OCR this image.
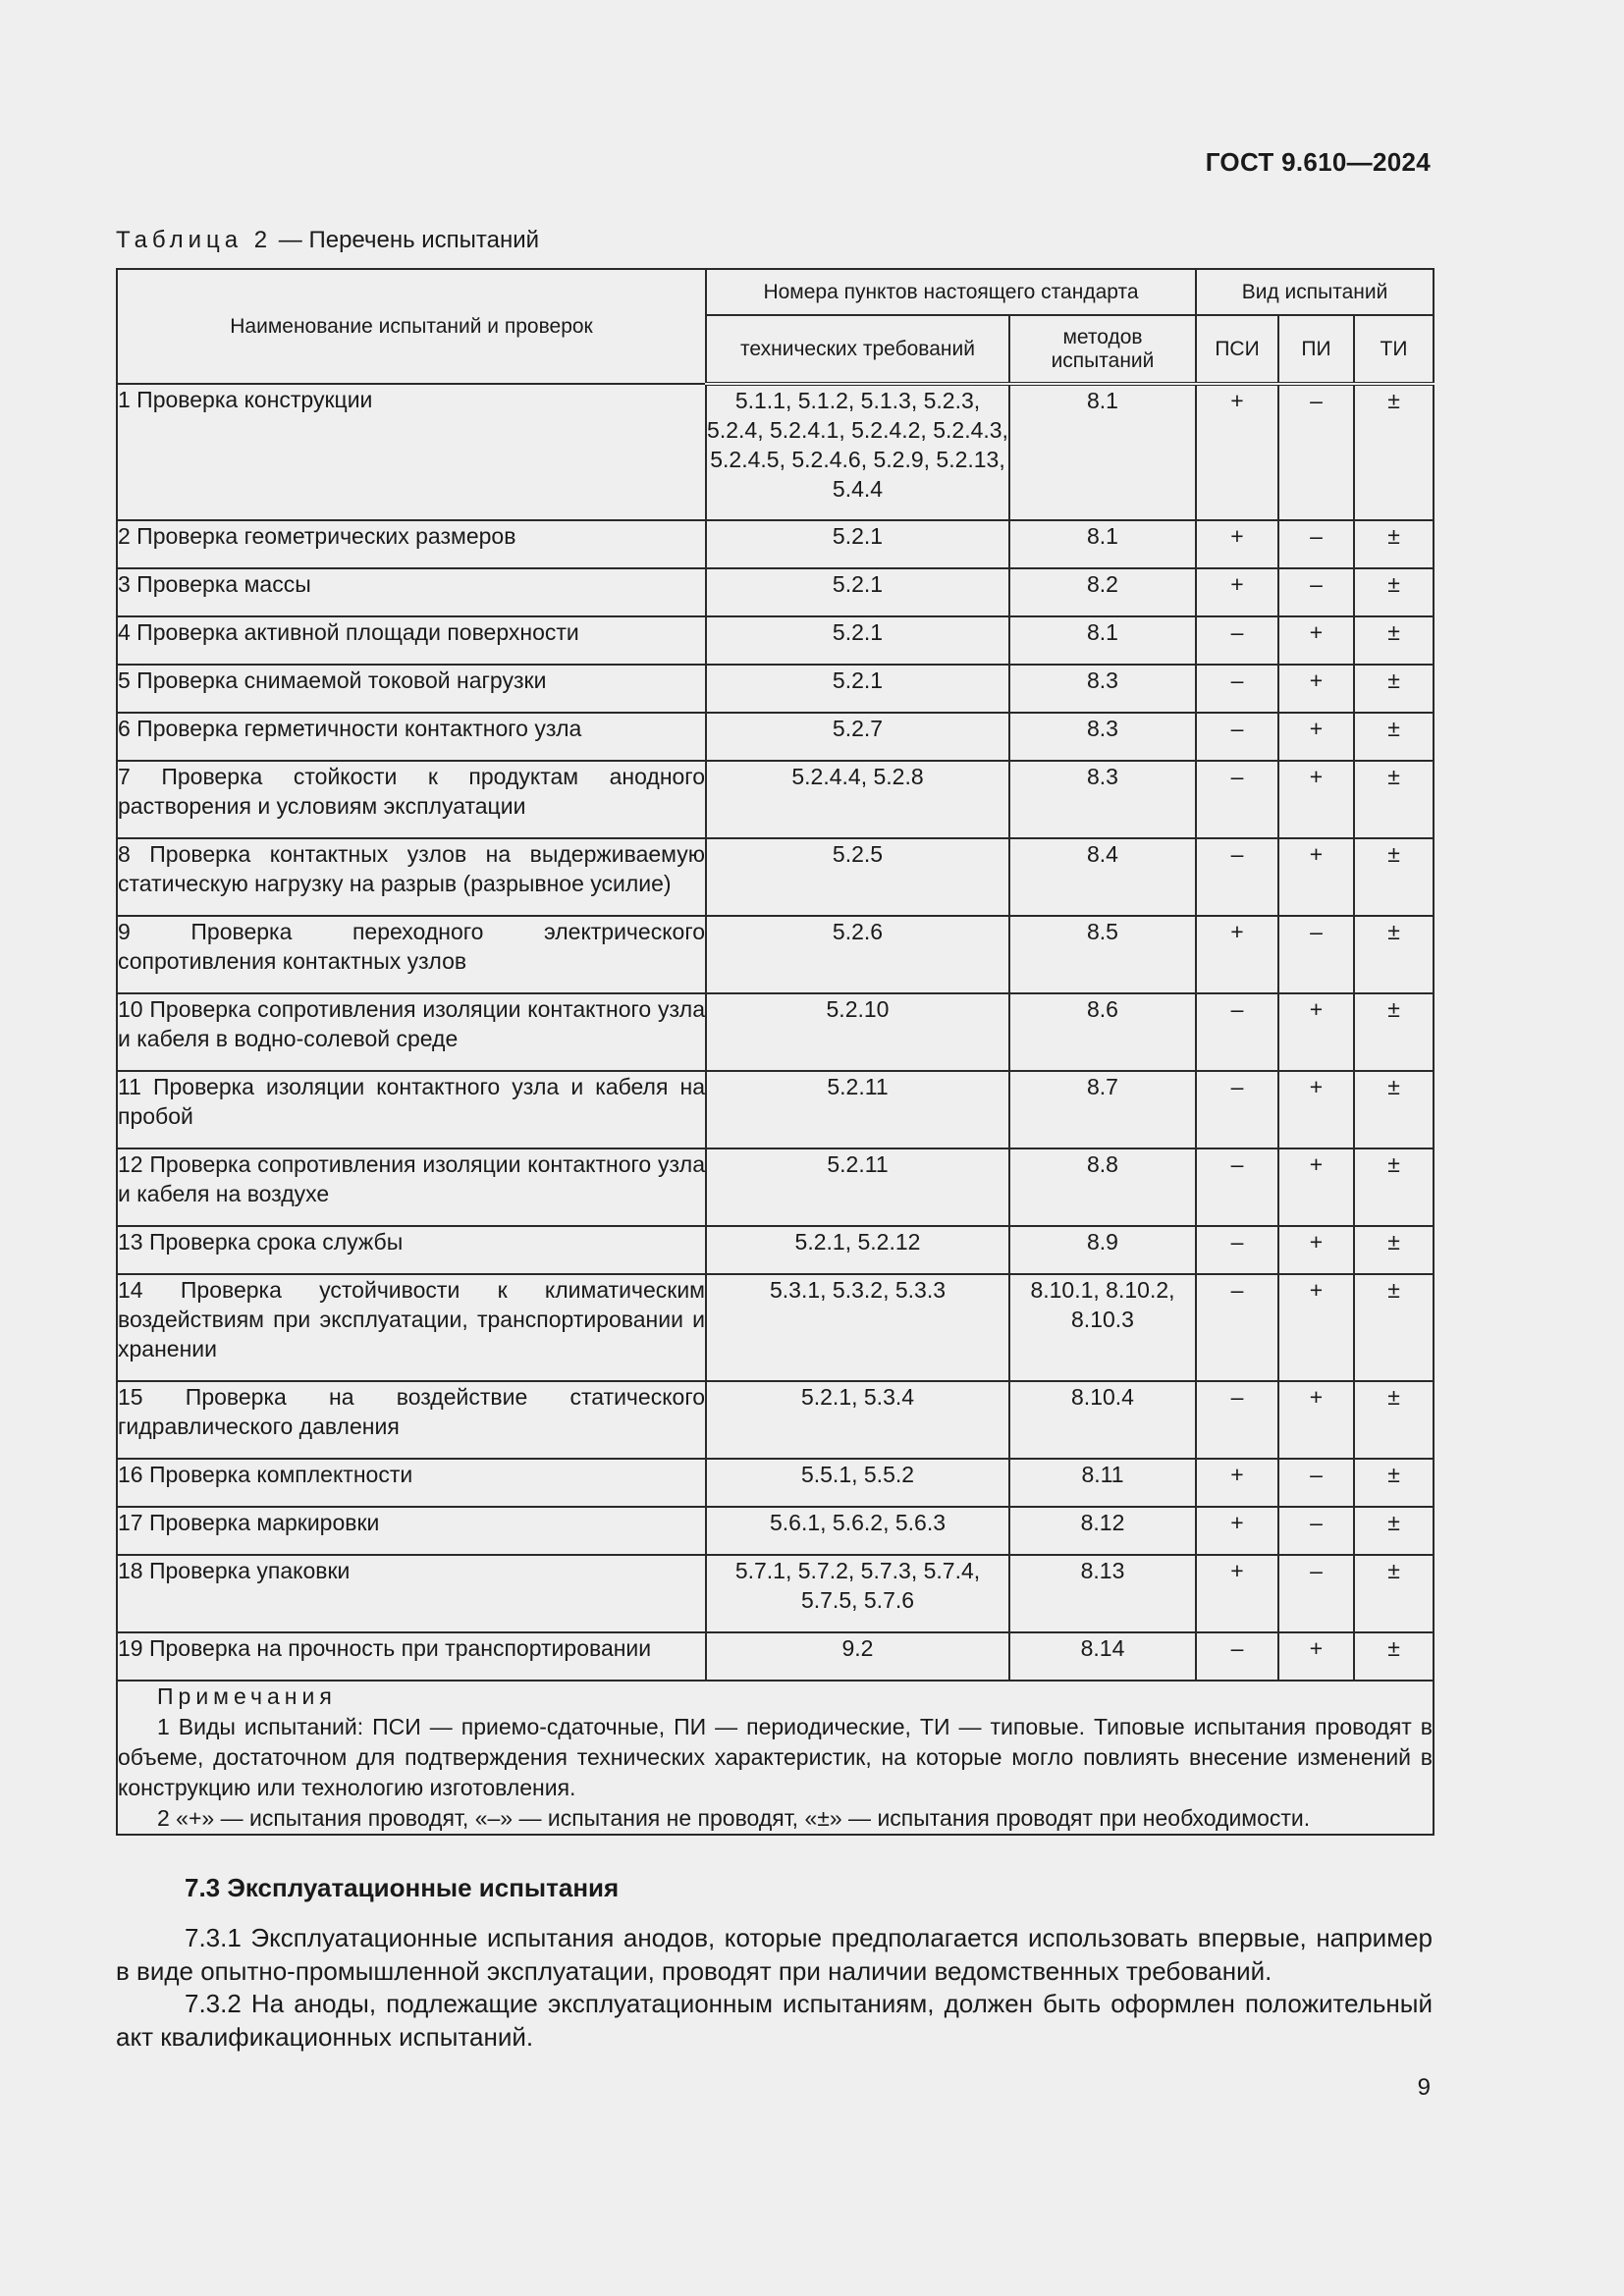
ГОСТ 9.610—2024
Таблица 2 — Перечень испытаний
Наименование испытаний и проверок	Номера пунктов настоящего стандарта		Вид испытаний		
	технических требований	методов испытаний	ПСИ	ПИ	ТИ
1 Проверка конструкции	5.1.1, 5.1.2, 5.1.3, 5.2.3, 5.2.4, 5.2.4.1, 5.2.4.2, 5.2.4.3, 5.2.4.5, 5.2.4.6, 5.2.9, 5.2.13, 5.4.4	8.1	+	–	±
2 Проверка геометрических размеров	5.2.1	8.1	+	–	±
3 Проверка массы	5.2.1	8.2	+	–	±
4 Проверка активной площади поверхности	5.2.1	8.1	–	+	±
5 Проверка снимаемой токовой нагрузки	5.2.1	8.3	–	+	±
6 Проверка герметичности контактного узла	5.2.7	8.3	–	+	±
7 Проверка стойкости к продуктам анодного растворения и условиям эксплуатации	5.2.4.4, 5.2.8	8.3	–	+	±
8 Проверка контактных узлов на выдерживаемую статическую нагрузку на разрыв (разрывное усилие)	5.2.5	8.4	–	+	±
9 Проверка переходного электрического сопротивления контактных узлов	5.2.6	8.5	+	–	±
10 Проверка сопротивления изоляции контактного узла и кабеля в водно-солевой среде	5.2.10	8.6	–	+	±
11 Проверка изоляции контактного узла и кабеля на пробой	5.2.11	8.7	–	+	±
12 Проверка сопротивления изоляции контактного узла и кабеля на воздухе	5.2.11	8.8	–	+	±
13 Проверка срока службы	5.2.1, 5.2.12	8.9	–	+	±
14 Проверка устойчивости к климатическим воздействиям при эксплуатации, транспортировании и хранении	5.3.1, 5.3.2, 5.3.3	8.10.1, 8.10.2, 8.10.3	–	+	±
15 Проверка на воздействие статического гидравлического давления	5.2.1, 5.3.4	8.10.4	–	+	±
16 Проверка комплектности	5.5.1, 5.5.2	8.11	+	–	±
17 Проверка маркировки	5.6.1, 5.6.2, 5.6.3	8.12	+	–	±
18 Проверка упаковки	5.7.1, 5.7.2, 5.7.3, 5.7.4, 5.7.5, 5.7.6	8.13	+	–	±
19 Проверка на прочность при транспортировании	9.2	8.14	–	+	±

Примечания
1 Виды испытаний: ПСИ — приемо-сдаточные, ПИ — периодические, ТИ — типовые. Типовые испытания проводят в объеме, достаточном для подтверждения технических характеристик, на которые могло повлиять внесение изменений в конструкцию или технологию изготовления.
2 «+» — испытания проводят, «–» — испытания не проводят, «±» — испытания проводят при необходимости.					
7.3 Эксплуатационные испытания
7.3.1 Эксплуатационные испытания анодов, которые предполагается использовать впервые, например в виде опытно-промышленной эксплуатации, проводят при наличии ведомственных требований.
7.3.2 На аноды, подлежащие эксплуатационным испытаниям, должен быть оформлен положительный акт квалификационных испытаний.
9
